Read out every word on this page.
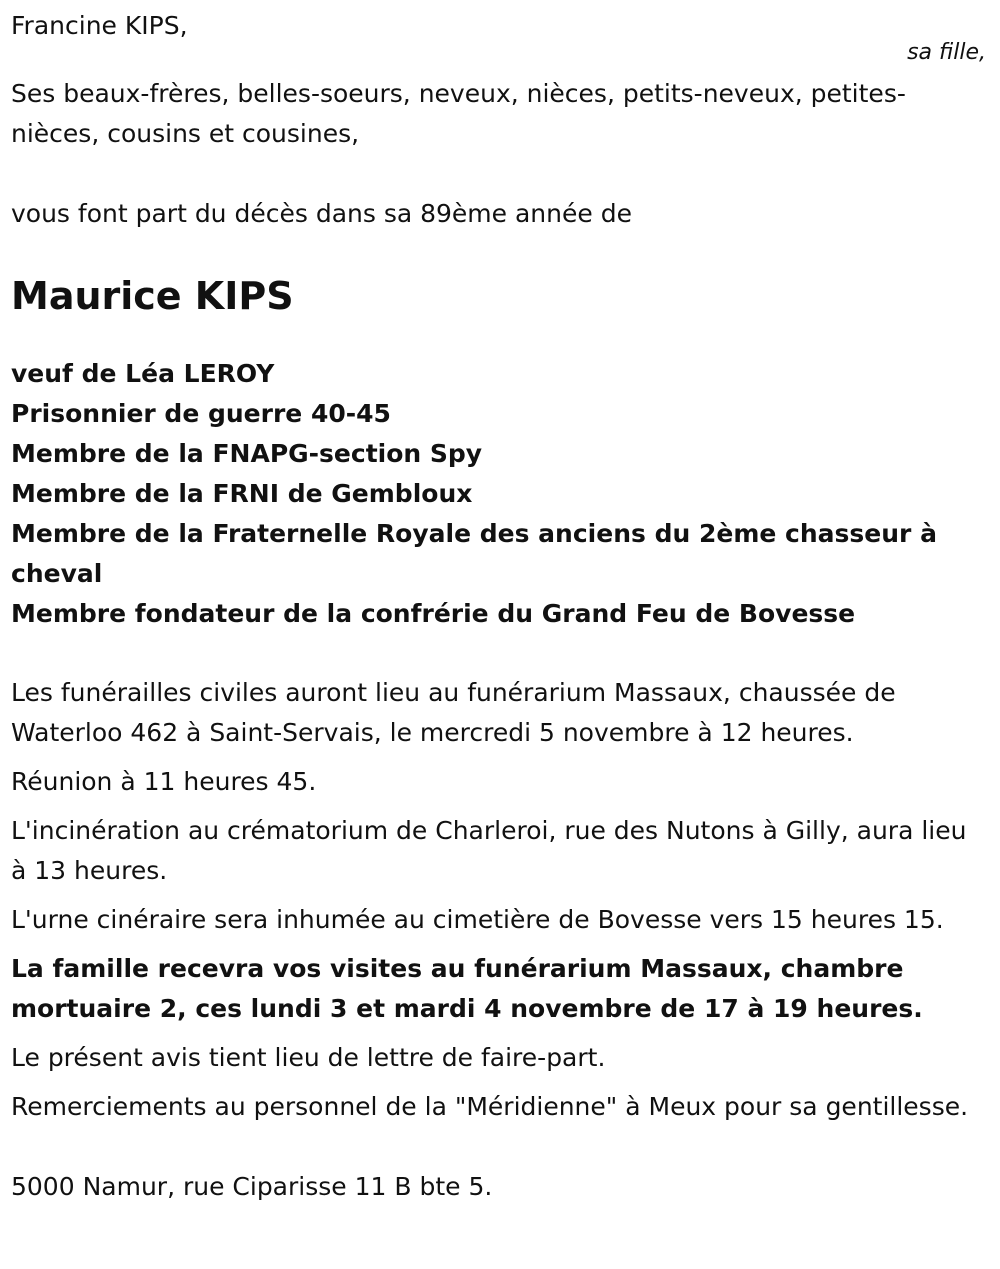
Francine KIPS,

sa fille,

Ses beaux-frères, belles-soeurs, neveux, nièces, petits-neveux, petites-nièces, cousins et cousines,

vous font part du décès dans sa 89ème année de

Maurice KIPS

veuf de Léa LEROY

Prisonnier de guerre 40-45

Membre de la FNAPG-section Spy

Membre de la FRNI de Gembloux

Membre de la Fraternelle Royale des anciens du 2ème chasseur à cheval

Membre fondateur de la confrérie du Grand Feu de Bovesse

Les funérailles civiles auront lieu au funérarium Massaux, chaussée de Waterloo 462 à Saint-Servais, le mercredi 5 novembre à 12 heures.

Réunion à 11 heures 45.

L'incinération au crématorium de Charleroi, rue des Nutons à Gilly, aura lieu à 13 heures.

L'urne cinéraire sera inhumée au cimetière de Bovesse vers 15 heures 15.

La famille recevra vos visites au funérarium Massaux, chambre mortuaire 2, ces lundi 3 et mardi 4 novembre de 17 à 19 heures.

Le présent avis tient lieu de lettre de faire-part.

Remerciements au personnel de la "Méridienne" à Meux pour sa gentillesse.

5000 Namur, rue Ciparisse 11 B bte 5.
